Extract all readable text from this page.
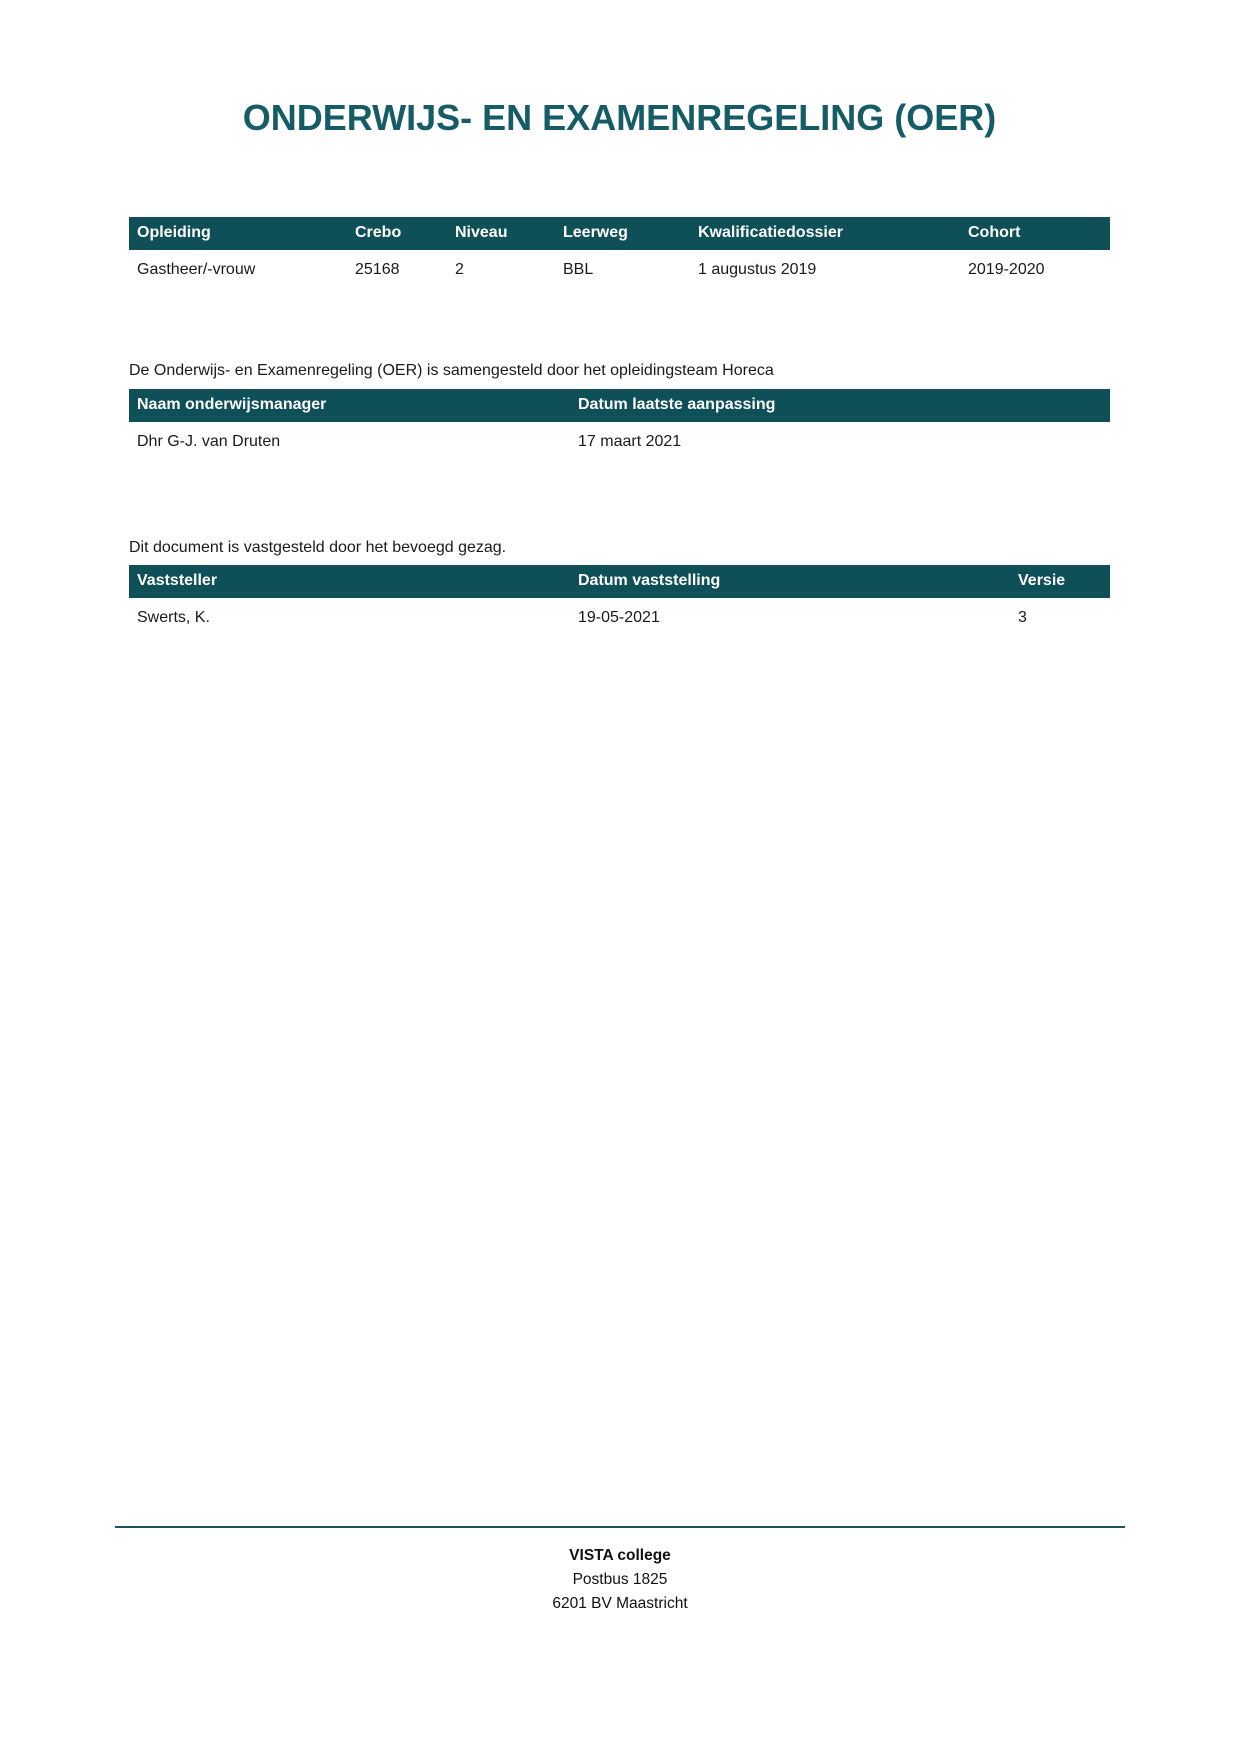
ONDERWIJS- EN EXAMENREGELING (OER)
Opleiding	Crebo	Niveau	Leerweg	Kwalificatiedossier	Cohort
Gastheer/-vrouw	25168	2	BBL	1 augustus 2019	2019-2020

De Onderwijs- en Examenregeling (OER) is samengesteld door het opleidingsteam Horeca

Naam onderwijsmanager	Datum laatste aanpassing
Dhr G-J. van Druten	17 maart 2021

Dit document is vastgesteld door het bevoegd gezag.

Vaststeller	Datum vaststelling	Versie
Swerts, K.	19-05-2021	3
VISTA college
Postbus 1825
6201 BV Maastricht
